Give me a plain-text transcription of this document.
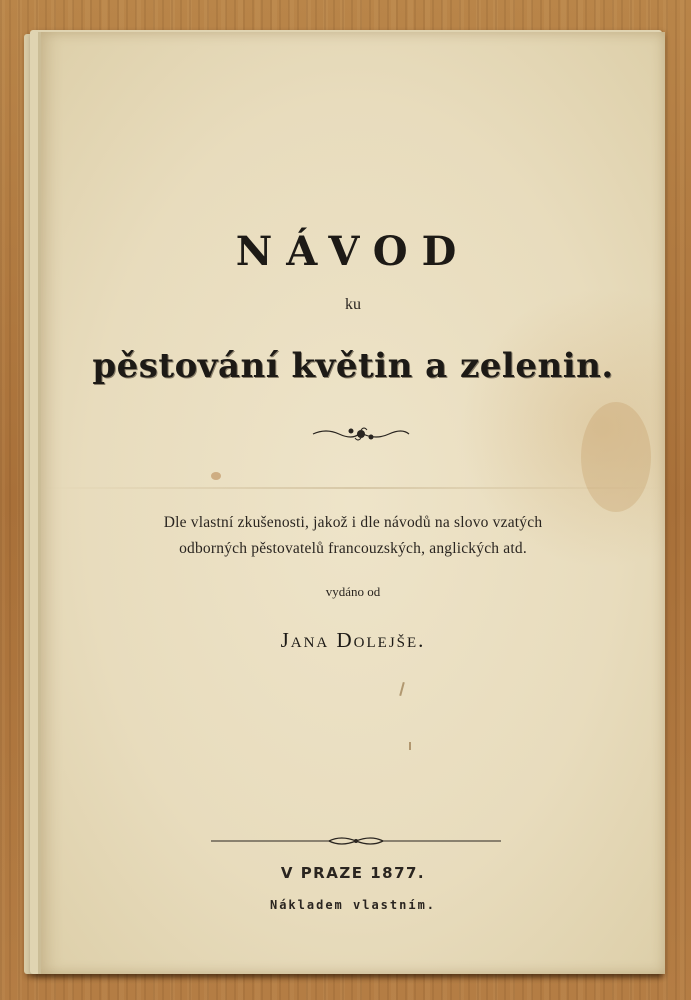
NÁVOD
ku
pěstování květin a zelenin.
Dle vlastní zkušenosti, jakož i dle návodů na slovo vzatých
odborných pěstovatelů francouzských, anglických atd.
vydáno od
Jana Dolejše.
V PRAZE 1877.
Nákladem vlastním.
